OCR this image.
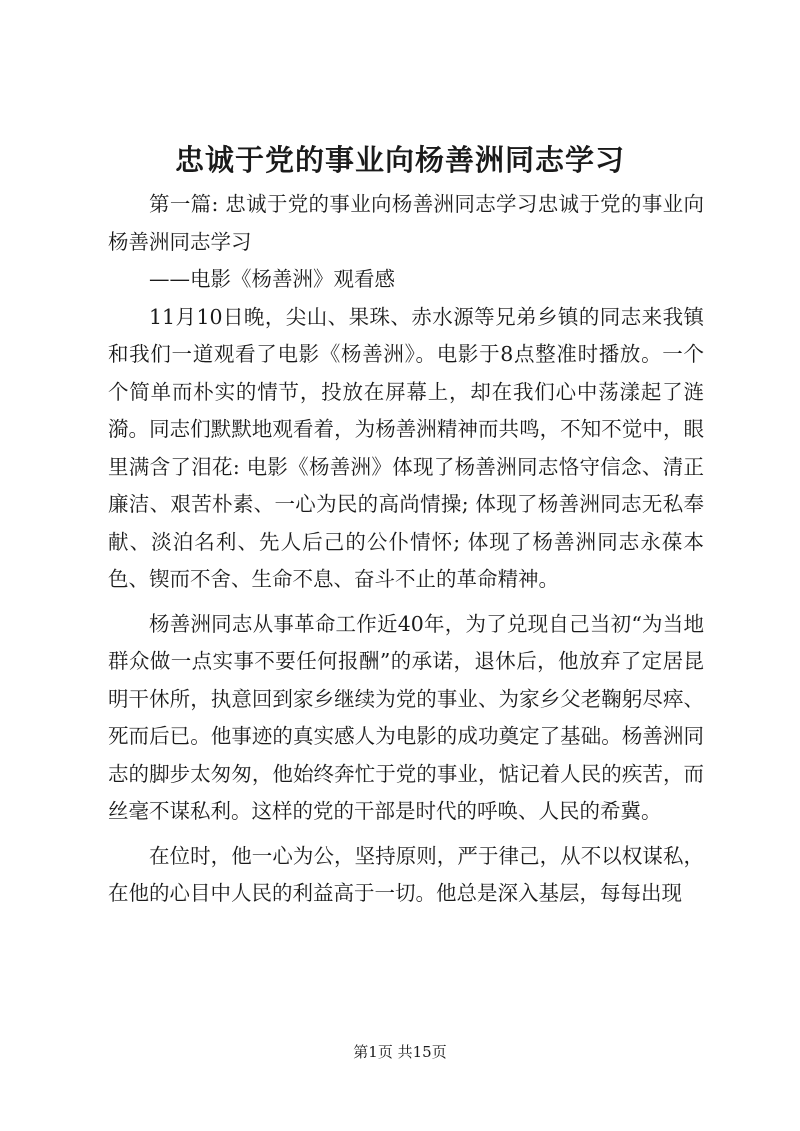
忠诚于党的事业向杨善洲同志学习

第一篇: 忠诚于党的事业向杨善洲同志学习忠诚于党的事业向杨善洲同志学习

——电影《杨善洲》观看感

11月10日晚，尖山、果珠、赤水源等兄弟乡镇的同志来我镇和我们一道观看了电影《杨善洲》。电影于8点整准时播放。一个个简单而朴实的情节，投放在屏幕上，却在我们心中荡漾起了涟漪。同志们默默地观看着，为杨善洲精神而共鸣，不知不觉中，眼里满含了泪花: 电影《杨善洲》体现了杨善洲同志恪守信念、清正廉洁、艰苦朴素、一心为民的高尚情操; 体现了杨善洲同志无私奉献、淡泊名利、先人后己的公仆情怀; 体现了杨善洲同志永葆本色、锲而不舍、生命不息、奋斗不止的革命精神。

杨善洲同志从事革命工作近40年，为了兑现自己当初“为当地群众做一点实事不要任何报酬”的承诺，退休后，他放弃了定居昆明干休所，执意回到家乡继续为党的事业、为家乡父老鞠躬尽瘁、死而后已。他事迹的真实感人为电影的成功奠定了基础。杨善洲同志的脚步太匆匆，他始终奔忙于党的事业，惦记着人民的疾苦，而丝毫不谋私利。这样的党的干部是时代的呼唤、人民的希冀。

在位时，他一心为公，坚持原则，严于律己，从不以权谋私，在他的心目中人民的利益高于一切。他总是深入基层，每每出现

第1页 共15页
